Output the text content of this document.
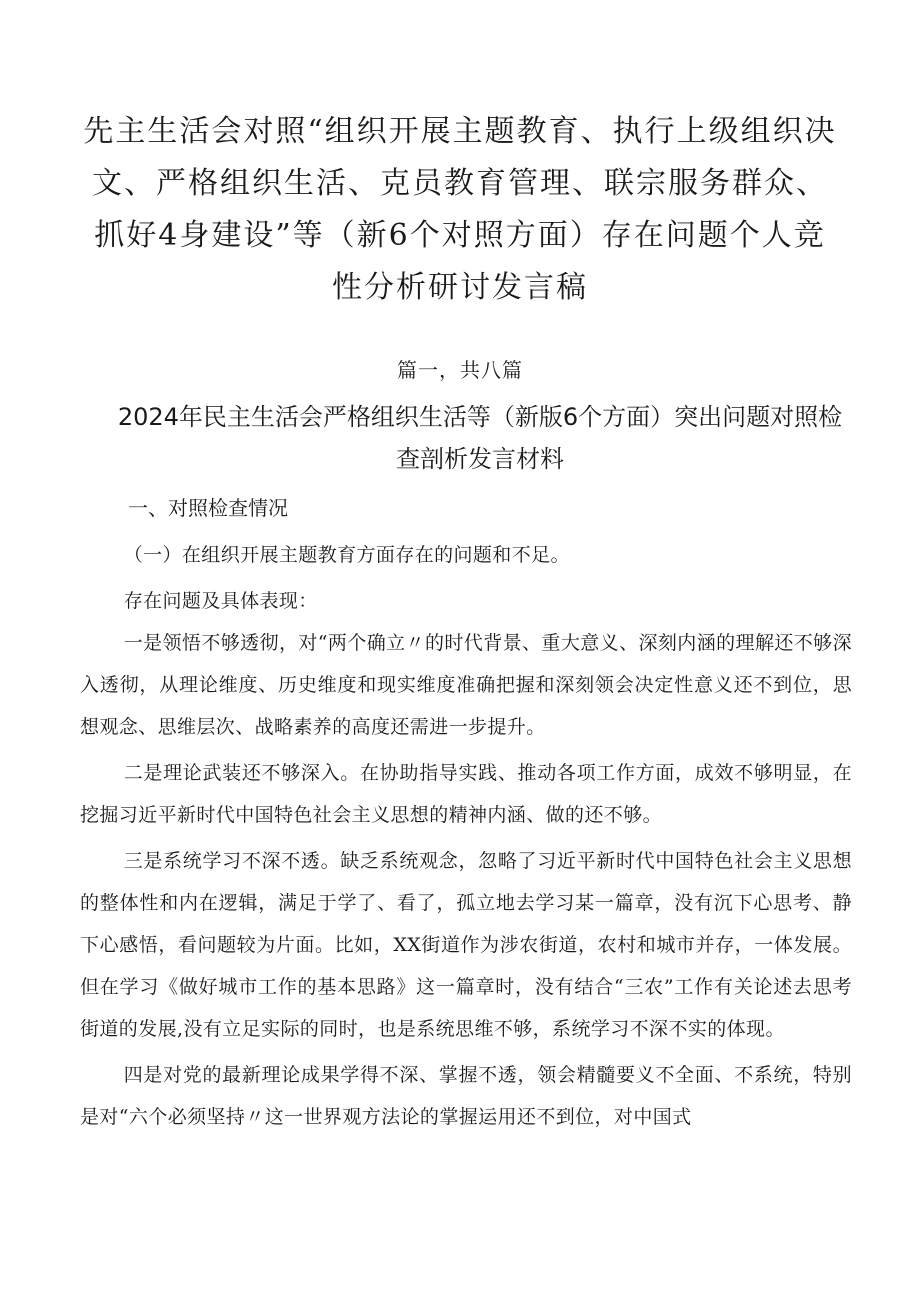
先主生活会对照“组织开展主题教育、执行上级组织决文、严格组织生活、克员教育管理、联宗服务群众、抓好4身建设”等（新6个对照方面）存在问题个人竞性分析研讨发言稿
篇一，共八篇
2024年民主生活会严格组织生活等（新版6个方面）突出问题对照检查剖析发言材料
一、对照检查情况

（一）在组织开展主题教育方面存在的问题和不足。

存在问题及具体表现：

一是领悟不够透彻，对“两个确立〃的时代背景、重大意义、深刻内涵的理解还不够深入透彻，从理论维度、历史维度和现实维度准确把握和深刻领会决定性意义还不到位，思想观念、思维层次、战略素养的高度还需进一步提升。

二是理论武装还不够深入。在协助指导实践、推动各项工作方面，成效不够明显，在挖掘习近平新时代中国特色社会主义思想的精神内涵、做的还不够。

三是系统学习不深不透。缺乏系统观念，忽略了习近平新时代中国特色社会主义思想的整体性和内在逻辑，满足于学了、看了，孤立地去学习某一篇章，没有沉下心思考、静下心感悟，看问题较为片面。比如，XX街道作为涉农街道，农村和城市并存，一体发展。但在学习《做好城市工作的基本思路》这一篇章时，没有结合“三农”工作有关论述去思考街道的发展,没有立足实际的同时，也是系统思维不够，系统学习不深不实的体现。

四是对党的最新理论成果学得不深、掌握不透，领会精髓要义不全面、不系统，特别是对“六个必须坚持〃这一世界观方法论的掌握运用还不到位，对中国式
